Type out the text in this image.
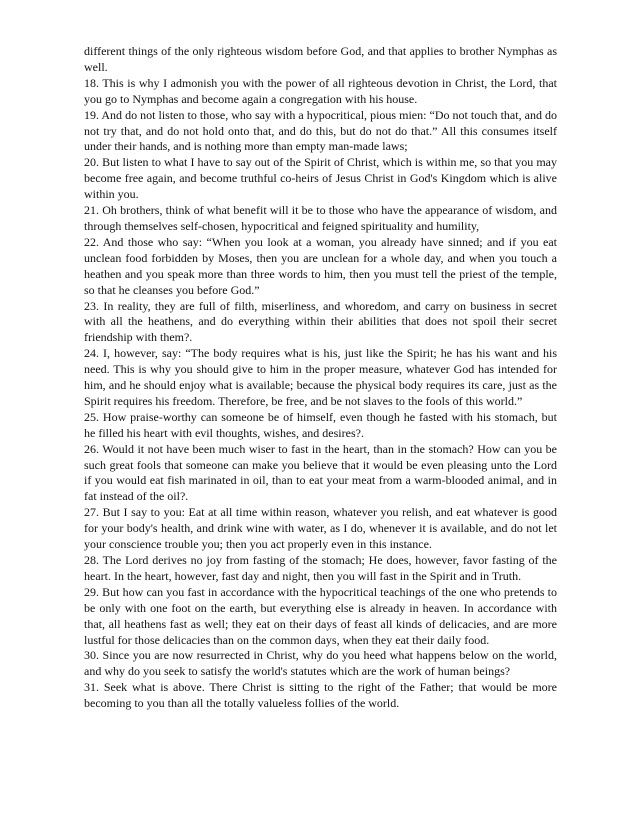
different things of the only righteous wisdom before God, and that applies to brother Nymphas as well.

18. This is why I admonish you with the power of all righteous devotion in Christ, the Lord, that you go to Nymphas and become again a congregation with his house.

19. And do not listen to those, who say with a hypocritical, pious mien: “Do not touch that, and do not try that, and do not hold onto that, and do this, but do not do that.” All this consumes itself under their hands, and is nothing more than empty man-made laws;

20. But listen to what I have to say out of the Spirit of Christ, which is within me, so that you may become free again, and become truthful co-heirs of Jesus Christ in God's Kingdom which is alive within you.

21. Oh brothers, think of what benefit will it be to those who have the appearance of wisdom, and through themselves self-chosen, hypocritical and feigned spirituality and humility,

22. And those who say: “When you look at a woman, you already have sinned; and if you eat unclean food forbidden by Moses, then you are unclean for a whole day, and when you touch a heathen and you speak more than three words to him, then you must tell the priest of the temple, so that he cleanses you before God.”

23. In reality, they are full of filth, miserliness, and whoredom, and carry on business in secret with all the heathens, and do everything within their abilities that does not spoil their secret friendship with them?.

24. I, however, say: “The body requires what is his, just like the Spirit; he has his want and his need. This is why you should give to him in the proper measure, whatever God has intended for him, and he should enjoy what is available; because the physical body requires its care, just as the Spirit requires his freedom. Therefore, be free, and be not slaves to the fools of this world.”

25. How praise-worthy can someone be of himself, even though he fasted with his stomach, but he filled his heart with evil thoughts, wishes, and desires?.

26. Would it not have been much wiser to fast in the heart, than in the stomach? How can you be such great fools that someone can make you believe that it would be even pleasing unto the Lord if you would eat fish marinated in oil, than to eat your meat from a warm-blooded animal, and in fat instead of the oil?.

27. But I say to you: Eat at all time within reason, whatever you relish, and eat whatever is good for your body's health, and drink wine with water, as I do, whenever it is available, and do not let your conscience trouble you; then you act properly even in this instance.

28. The Lord derives no joy from fasting of the stomach; He does, however, favor fasting of the heart. In the heart, however, fast day and night, then you will fast in the Spirit and in Truth.

29. But how can you fast in accordance with the hypocritical teachings of the one who pretends to be only with one foot on the earth, but everything else is already in heaven. In accordance with that, all heathens fast as well; they eat on their days of feast all kinds of delicacies, and are more lustful for those delicacies than on the common days, when they eat their daily food.

30. Since you are now resurrected in Christ, why do you heed what happens below on the world, and why do you seek to satisfy the world's statutes which are the work of human beings?

31. Seek what is above. There Christ is sitting to the right of the Father; that would be more becoming to you than all the totally valueless follies of the world.
